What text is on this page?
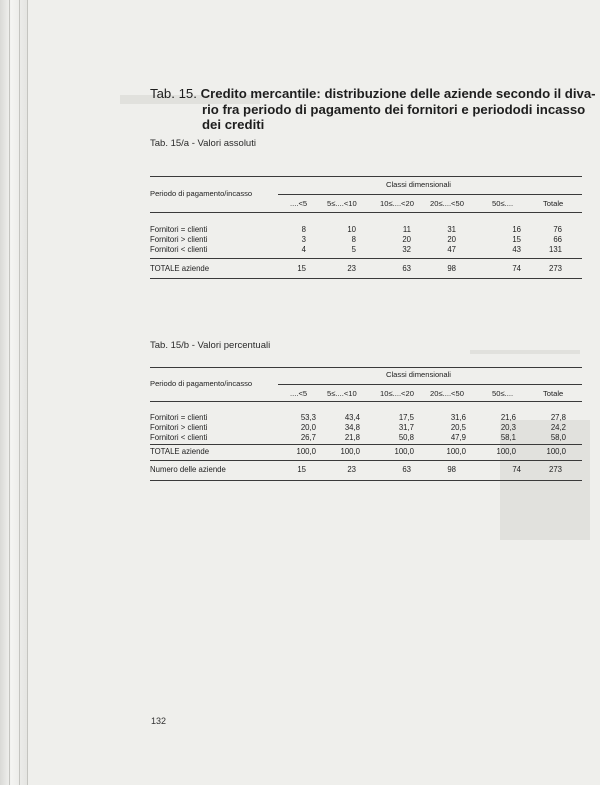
Tab. 15. Credito mercantile: distribuzione delle aziende secondo il diva-
rio fra periodo di pagamento dei fornitori e periododi incasso
dei crediti
Tab. 15/a - Valori assoluti
Classi dimensionali
Periodo di pagamento/incasso
....<5	5≤....<10	10≤....<20 20≤....<50	50≤....	Totale
Fornitori = clienti	8	10	11	31	16	76
Fornitori > clienti	3	8	20	20	15	66
Fornitori < clienti	4	5	32	47	43	131
TOTALE aziende	15	23	63	98	74	273
Tab. 15/b - Valori percentuali
Classi dimensionali
Periodo di pagamento/incasso
....<5	5≤....<10	10≤....<20 20≤....<50	50≤....	Totale
Fornitori = clienti	53,3	43,4	17,5	31,6	21,6	27,8
Fornitori > clienti	20,0	34,8	31,7	20,5	20,3	24,2
Fornitori < clienti	26,7	21,8	50,8	47,9	58,1	58,0
TOTALE aziende	100,0	100,0	100,0	100,0	100,0	100,0
Numero delle aziende	15	23	63	98	74	273
132
